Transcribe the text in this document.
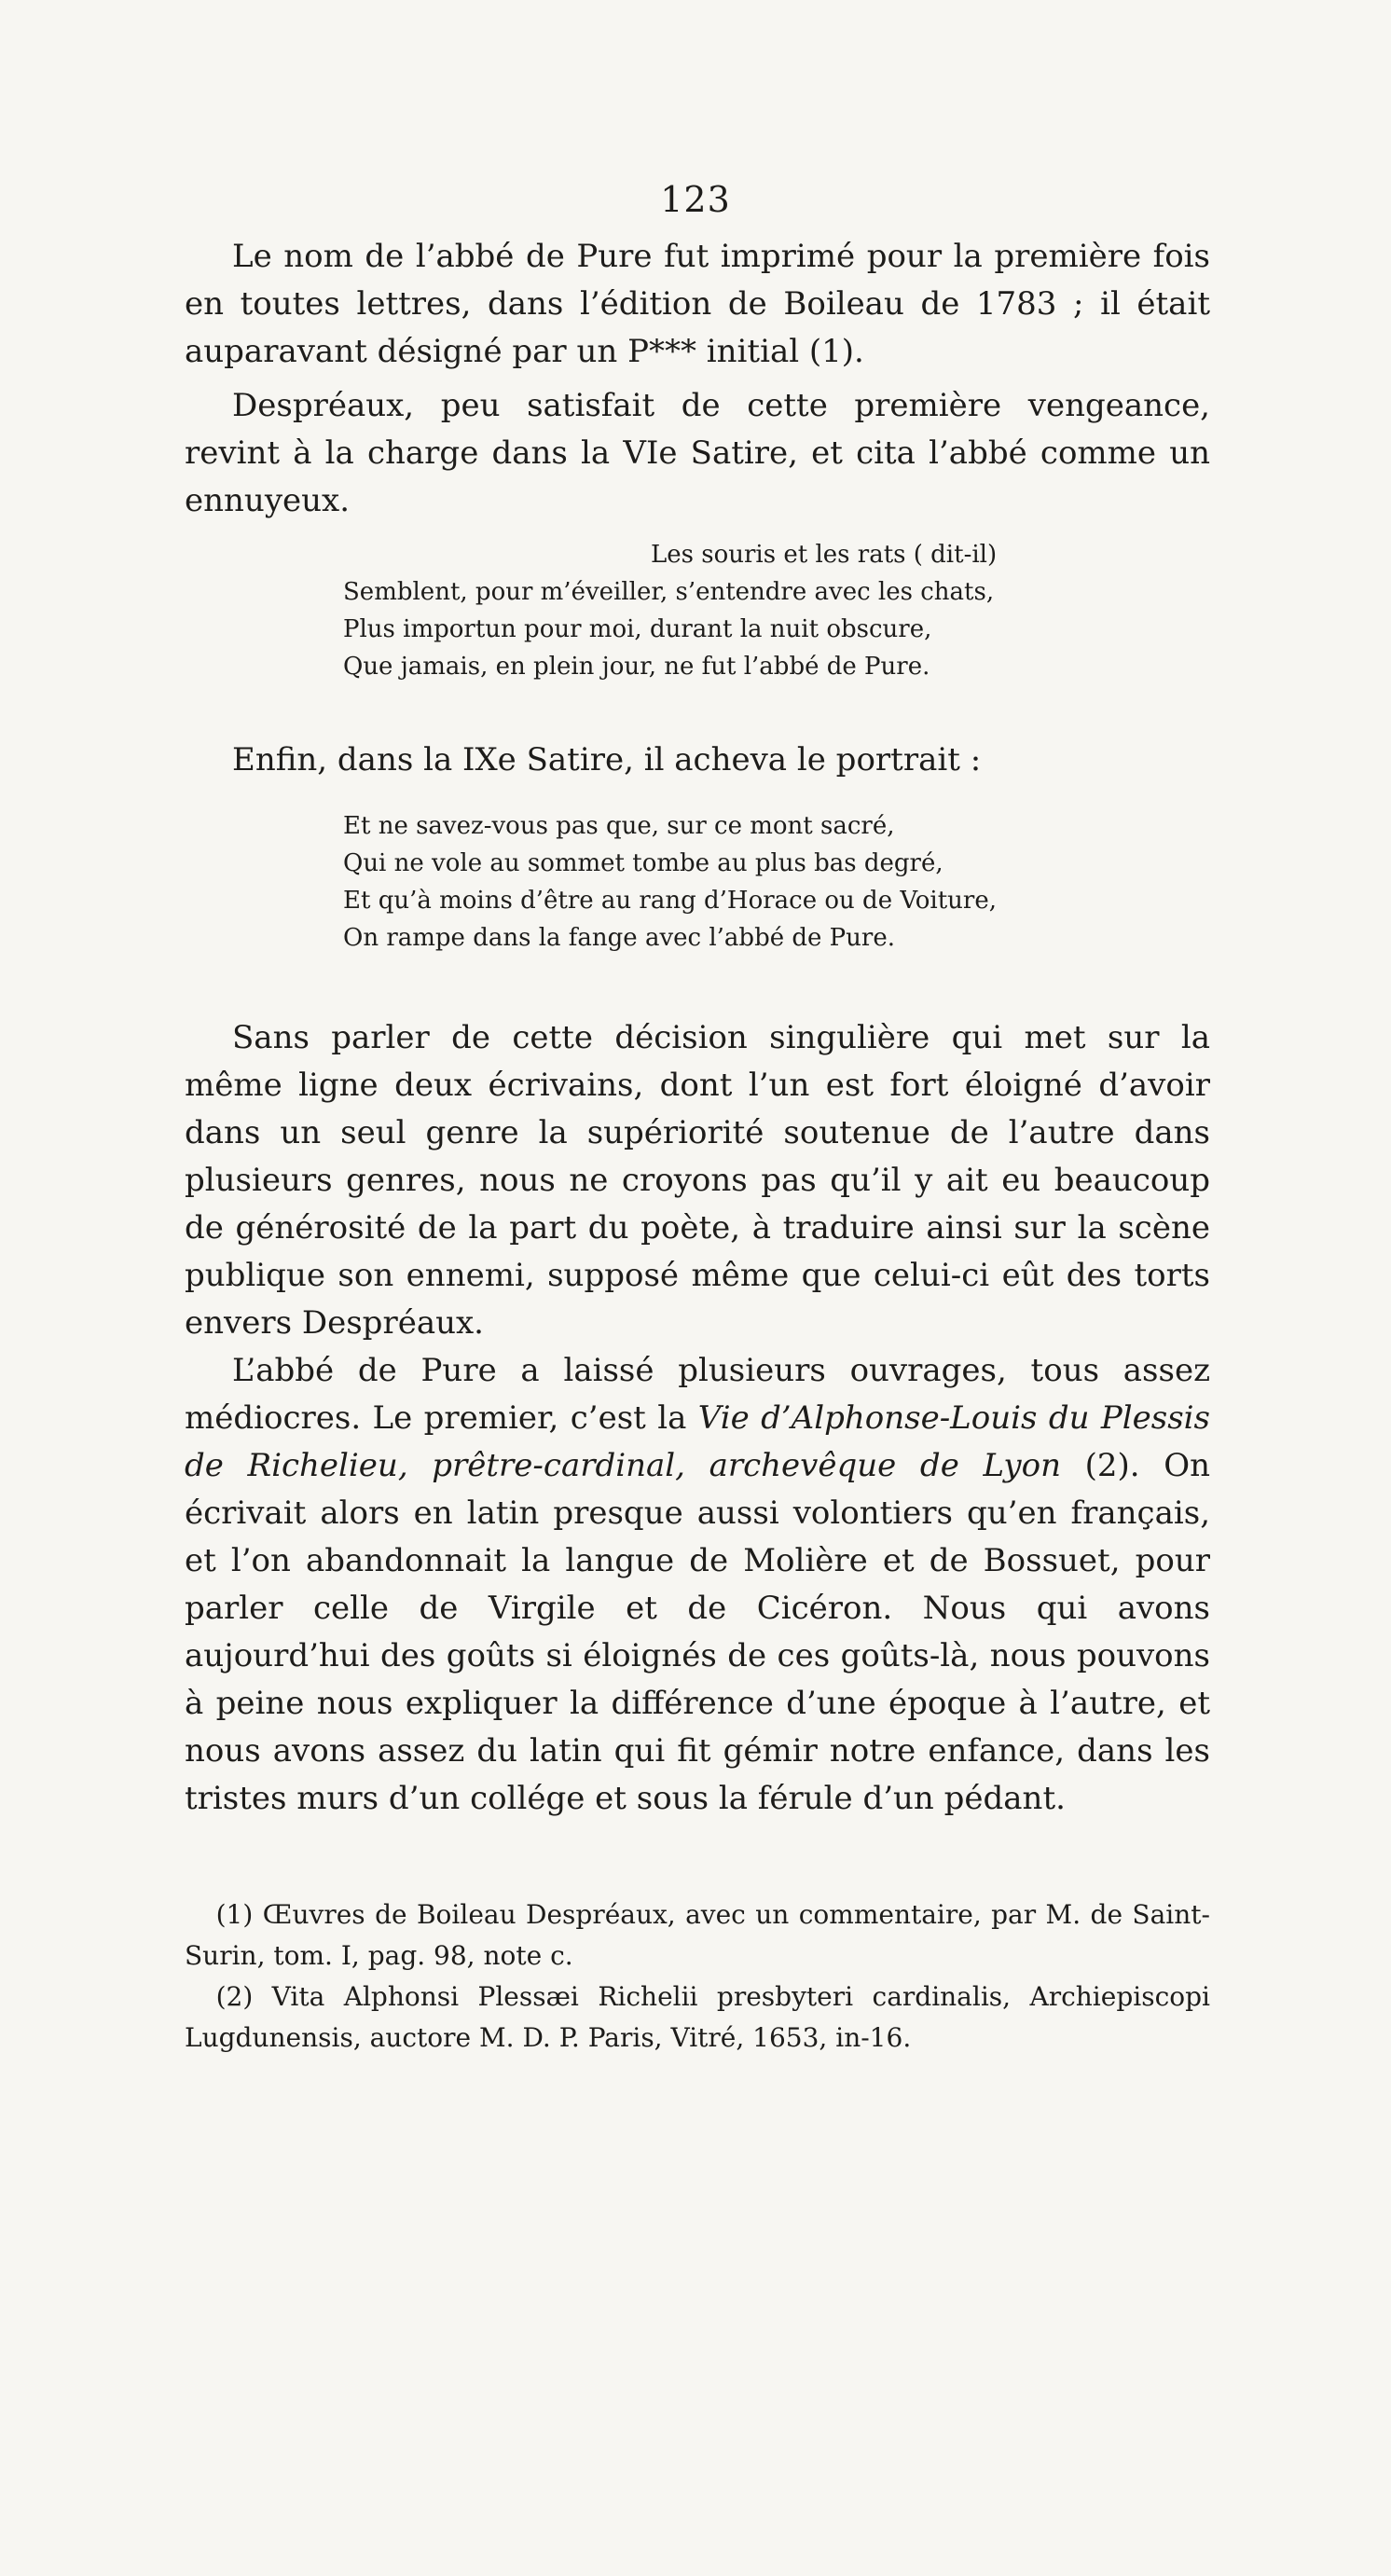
123

Le nom de l’abbé de Pure fut imprimé pour la première fois en toutes lettres, dans l’édition de Boileau de 1783 ; il était auparavant désigné par un P*** initial (1).

Despréaux, peu satisfait de cette première vengeance, revint à la charge dans la VIe Satire, et cita l’abbé comme un ennuyeux.

Les souris et les rats ( dit-il)
Semblent, pour m’éveiller, s’entendre avec les chats,
Plus importun pour moi, durant la nuit obscure,
Que jamais, en plein jour, ne fut l’abbé de Pure.

Enfin, dans la IXe Satire, il acheva le portrait :

Et ne savez-vous pas que, sur ce mont sacré,
Qui ne vole au sommet tombe au plus bas degré,
Et qu’à moins d’être au rang d’Horace ou de Voiture,
On rampe dans la fange avec l’abbé de Pure.

Sans parler de cette décision singulière qui met sur la même ligne deux écrivains, dont l’un est fort éloigné d’avoir dans un seul genre la supériorité soutenue de l’autre dans plusieurs genres, nous ne croyons pas qu’il y ait eu beaucoup de générosité de la part du poète, à traduire ainsi sur la scène publique son ennemi, supposé même que celui-ci eût des torts envers Despréaux.

L’abbé de Pure a laissé plusieurs ouvrages, tous assez médiocres. Le premier, c’est la Vie d’Alphonse-Louis du Plessis de Richelieu, prêtre-cardinal, archevêque de Lyon (2). On écrivait alors en latin presque aussi volontiers qu’en français, et l’on abandonnait la langue de Molière et de Bossuet, pour parler celle de Virgile et de Cicéron. Nous qui avons aujourd’hui des goûts si éloignés de ces goûts-là, nous pouvons à peine nous expliquer la différence d’une époque à l’autre, et nous avons assez du latin qui fit gémir notre enfance, dans les tristes murs d’un collége et sous la férule d’un pédant.

(1) Œuvres de Boileau Despréaux, avec un commentaire, par M. de Saint-Surin, tom. I, pag. 98, note c.

(2) Vita Alphonsi Plessæi Richelii presbyteri cardinalis, Archiepiscopi Lugdunensis, auctore M. D. P. Paris, Vitré, 1653, in-16.
